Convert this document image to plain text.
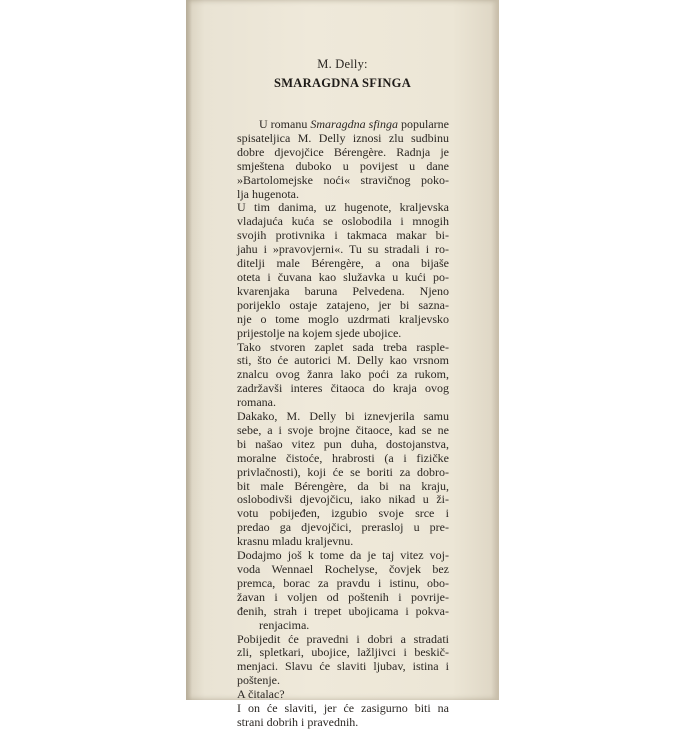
M. Delly:
SMARAGDNA SFINGA

U romanu Smaragdna sfinga popularne
spisateljica M. Delly iznosi zlu sudbinu
dobre djevojčice Bérengère. Radnja je
smještena duboko u povijest u dane
»Bartolomejske noći« stravičnog poko-
lja hugenota.

U tim danima, uz hugenote, kraljevska
vladajuća kuća se oslobodila i mnogih
svojih protivnika i takmaca makar bi-
jahu i »pravovjerni«. Tu su stradali i ro-
ditelji male Bérengère, a ona bijaše
oteta i čuvana kao služavka u kući po-
kvarenjaka baruna Pelvedena. Njeno
porijeklo ostaje zatajeno, jer bi sazna-
nje o tome moglo uzdrmati kraljevsko
prijestolje na kojem sjede ubojice.

Tako stvoren zaplet sada treba rasple-
sti, što će autorici M. Delly kao vrsnom
znalcu ovog žanra lako poći za rukom,
zadržavši interes čitaoca do kraja ovog
romana.

Dakako, M. Delly bi iznevjerila samu
sebe, a i svoje brojne čitaoce, kad se ne
bi našao vitez pun duha, dostojanstva,
moralne čistoće, hrabrosti (a i fizičke
privlačnosti), koji će se boriti za dobro-
bit male Bérengère, da bi na kraju,
oslobodivši djevojčicu, iako nikad u ži-
votu pobijeđen, izgubio svoje srce i
predao ga djevojčici, preraslој u pre-
krasnu mladu kraljevnu.

Dodajmo još k tome da je taj vitez voj-
voda Wennael Rochelyse, čovjek bez
premca, borac za pravdu i istinu, obo-
žavan i voljen od poštenih i povrije-
đenih, strah i trepet ubojicama i pokva-
renjacima.

Pobijedit će pravedni i dobri a stradati
zli, spletkari, ubojice, lažljivci i beskič-
menjaci. Slavu će slaviti ljubav, istina i
poštenje.

A čitalac?

I on će slaviti, jer će zasigurno biti na
strani dobrih i pravednih.
